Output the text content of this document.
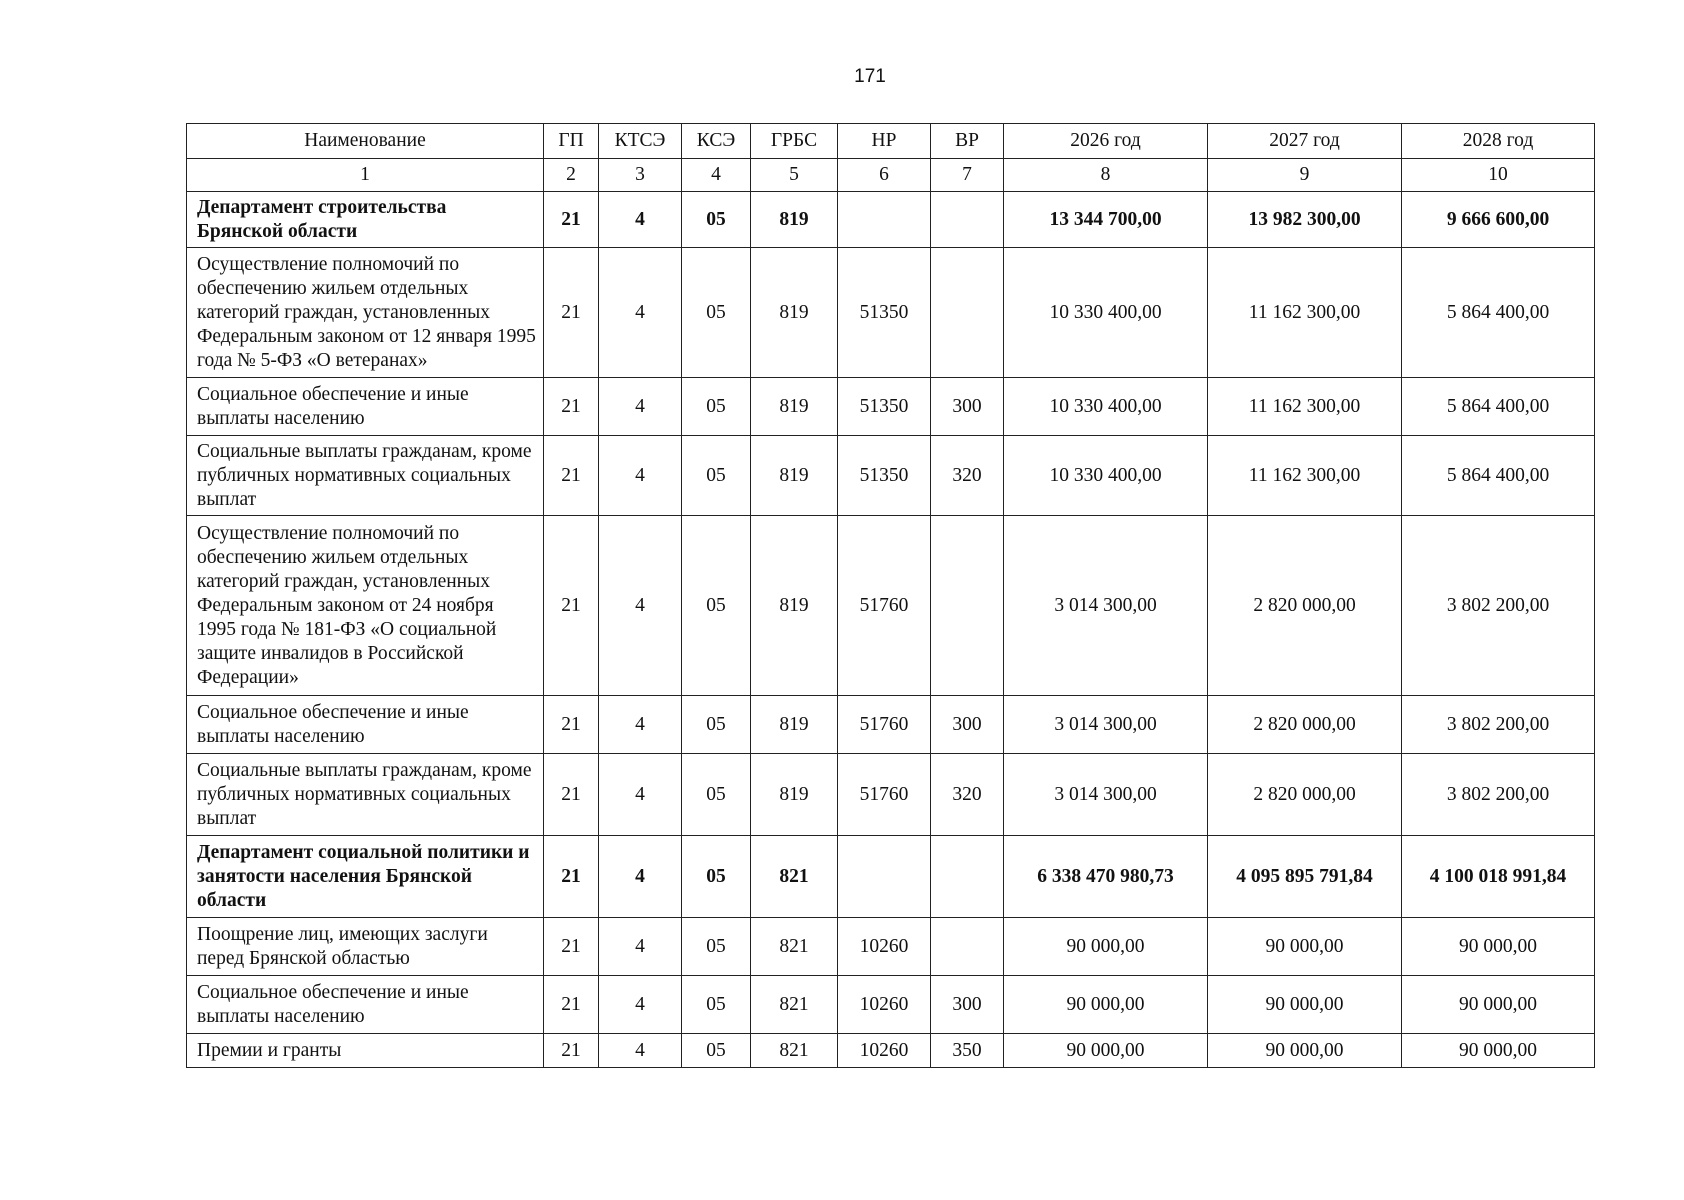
171
Наименование	ГП	КТСЭ	КСЭ	ГРБС	НР	ВР	2026 год	2027 год	2028 год
1	2	3	4	5	6	7	8	9	10
Департамент строительства Брянской области	21	4	05	819			13 344 700,00	13 982 300,00	9 666 600,00
Осуществление полномочий по обеспечению жильем отдельных категорий граждан, установленных Федеральным законом от 12 января 1995 года № 5-ФЗ «О ветеранах»	21	4	05	819	51350		10 330 400,00	11 162 300,00	5 864 400,00
Социальное обеспечение и иные выплаты населению	21	4	05	819	51350	300	10 330 400,00	11 162 300,00	5 864 400,00
Социальные выплаты гражданам, кроме публичных нормативных социальных выплат	21	4	05	819	51350	320	10 330 400,00	11 162 300,00	5 864 400,00
Осуществление полномочий по обеспечению жильем отдельных категорий граждан, установленных Федеральным законом от 24 ноября 1995 года № 181-ФЗ «О социальной защите инвалидов в Российской Федерации»	21	4	05	819	51760		3 014 300,00	2 820 000,00	3 802 200,00
Социальное обеспечение и иные выплаты населению	21	4	05	819	51760	300	3 014 300,00	2 820 000,00	3 802 200,00
Социальные выплаты гражданам, кроме публичных нормативных социальных выплат	21	4	05	819	51760	320	3 014 300,00	2 820 000,00	3 802 200,00
Департамент социальной политики и занятости населения Брянской области	21	4	05	821			6 338 470 980,73	4 095 895 791,84	4 100 018 991,84
Поощрение лиц, имеющих заслуги перед Брянской областью	21	4	05	821	10260		90 000,00	90 000,00	90 000,00
Социальное обеспечение и иные выплаты населению	21	4	05	821	10260	300	90 000,00	90 000,00	90 000,00
Премии и гранты	21	4	05	821	10260	350	90 000,00	90 000,00	90 000,00
